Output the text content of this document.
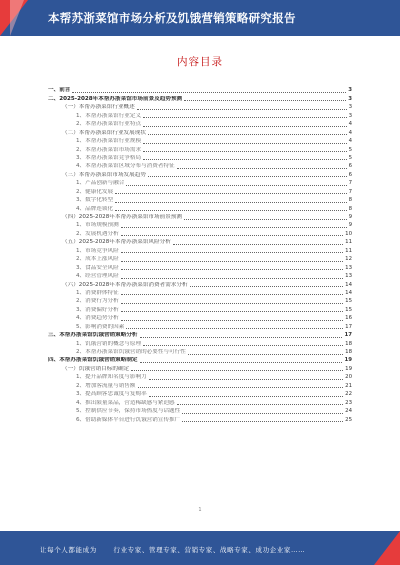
本帮苏浙菜馆市场分析及饥饿营销策略研究报告
内容目录
一、前言	3
二、2025-2028年本帮苏浙菜馆市场前景及趋势预测	3
（一）本帮苏浙菜馆行业概述	3
1、本帮苏浙菜馆行业定义	3
2、本帮苏浙菜馆行业特点	4
（二）本帮苏浙菜馆行业发展现状	4
1、本帮苏浙菜馆行业规模	4
2、本帮苏浙菜馆市场需求	5
3、本帮苏浙菜馆竞争格局	5
4、本帮苏浙菜馆区域分布与消费者特征	6
（三）本帮苏浙菜馆市场发展趋势	6
1、产品创新与融合	7
2、健康化发展	7
3、数字化转型	8
4、品牌连锁化	8
（四）2025-2028年本帮苏浙菜馆市场前景预测	9
1、市场规模预测	9
2、发展机遇分析	10
（五）2025-2028年本帮苏浙菜馆风险分析	11
1、市场竞争风险	11
2、成本上涨风险	12
3、食品安全风险	13
4、经营管理风险	13
（六）2025-2028年本帮苏浙菜馆消费者需求分析	14
1、消费群体特征	14
2、消费行为分析	15
3、消费偏好分析	15
4、消费趋势分析	16
5、影响消费的因素	17
三、本帮苏浙菜馆饥饿营销策略分析	17
1、饥饿营销的概念与原理	18
2、本帮苏浙菜馆饥饿营销的必要性与可行性	18
四、本帮苏浙菜馆饥饿营销策略制定	19
（一）饥饿营销目标的确定	19
1、提升品牌知名度与影响力	20
2、增加客流量与销售额	21
3、提高顾客忠诚度与复购率	22
4、推出限量菜品，营造稀缺感与紧迫感	23
5、控制供应节奏，保持市场热度与话题性	24
6、借助新媒体平台进行饥饿营销宣传推广	25
1
让每个人都能成为	行业专家、管理专家、营销专家、战略专家、成功企业家……
